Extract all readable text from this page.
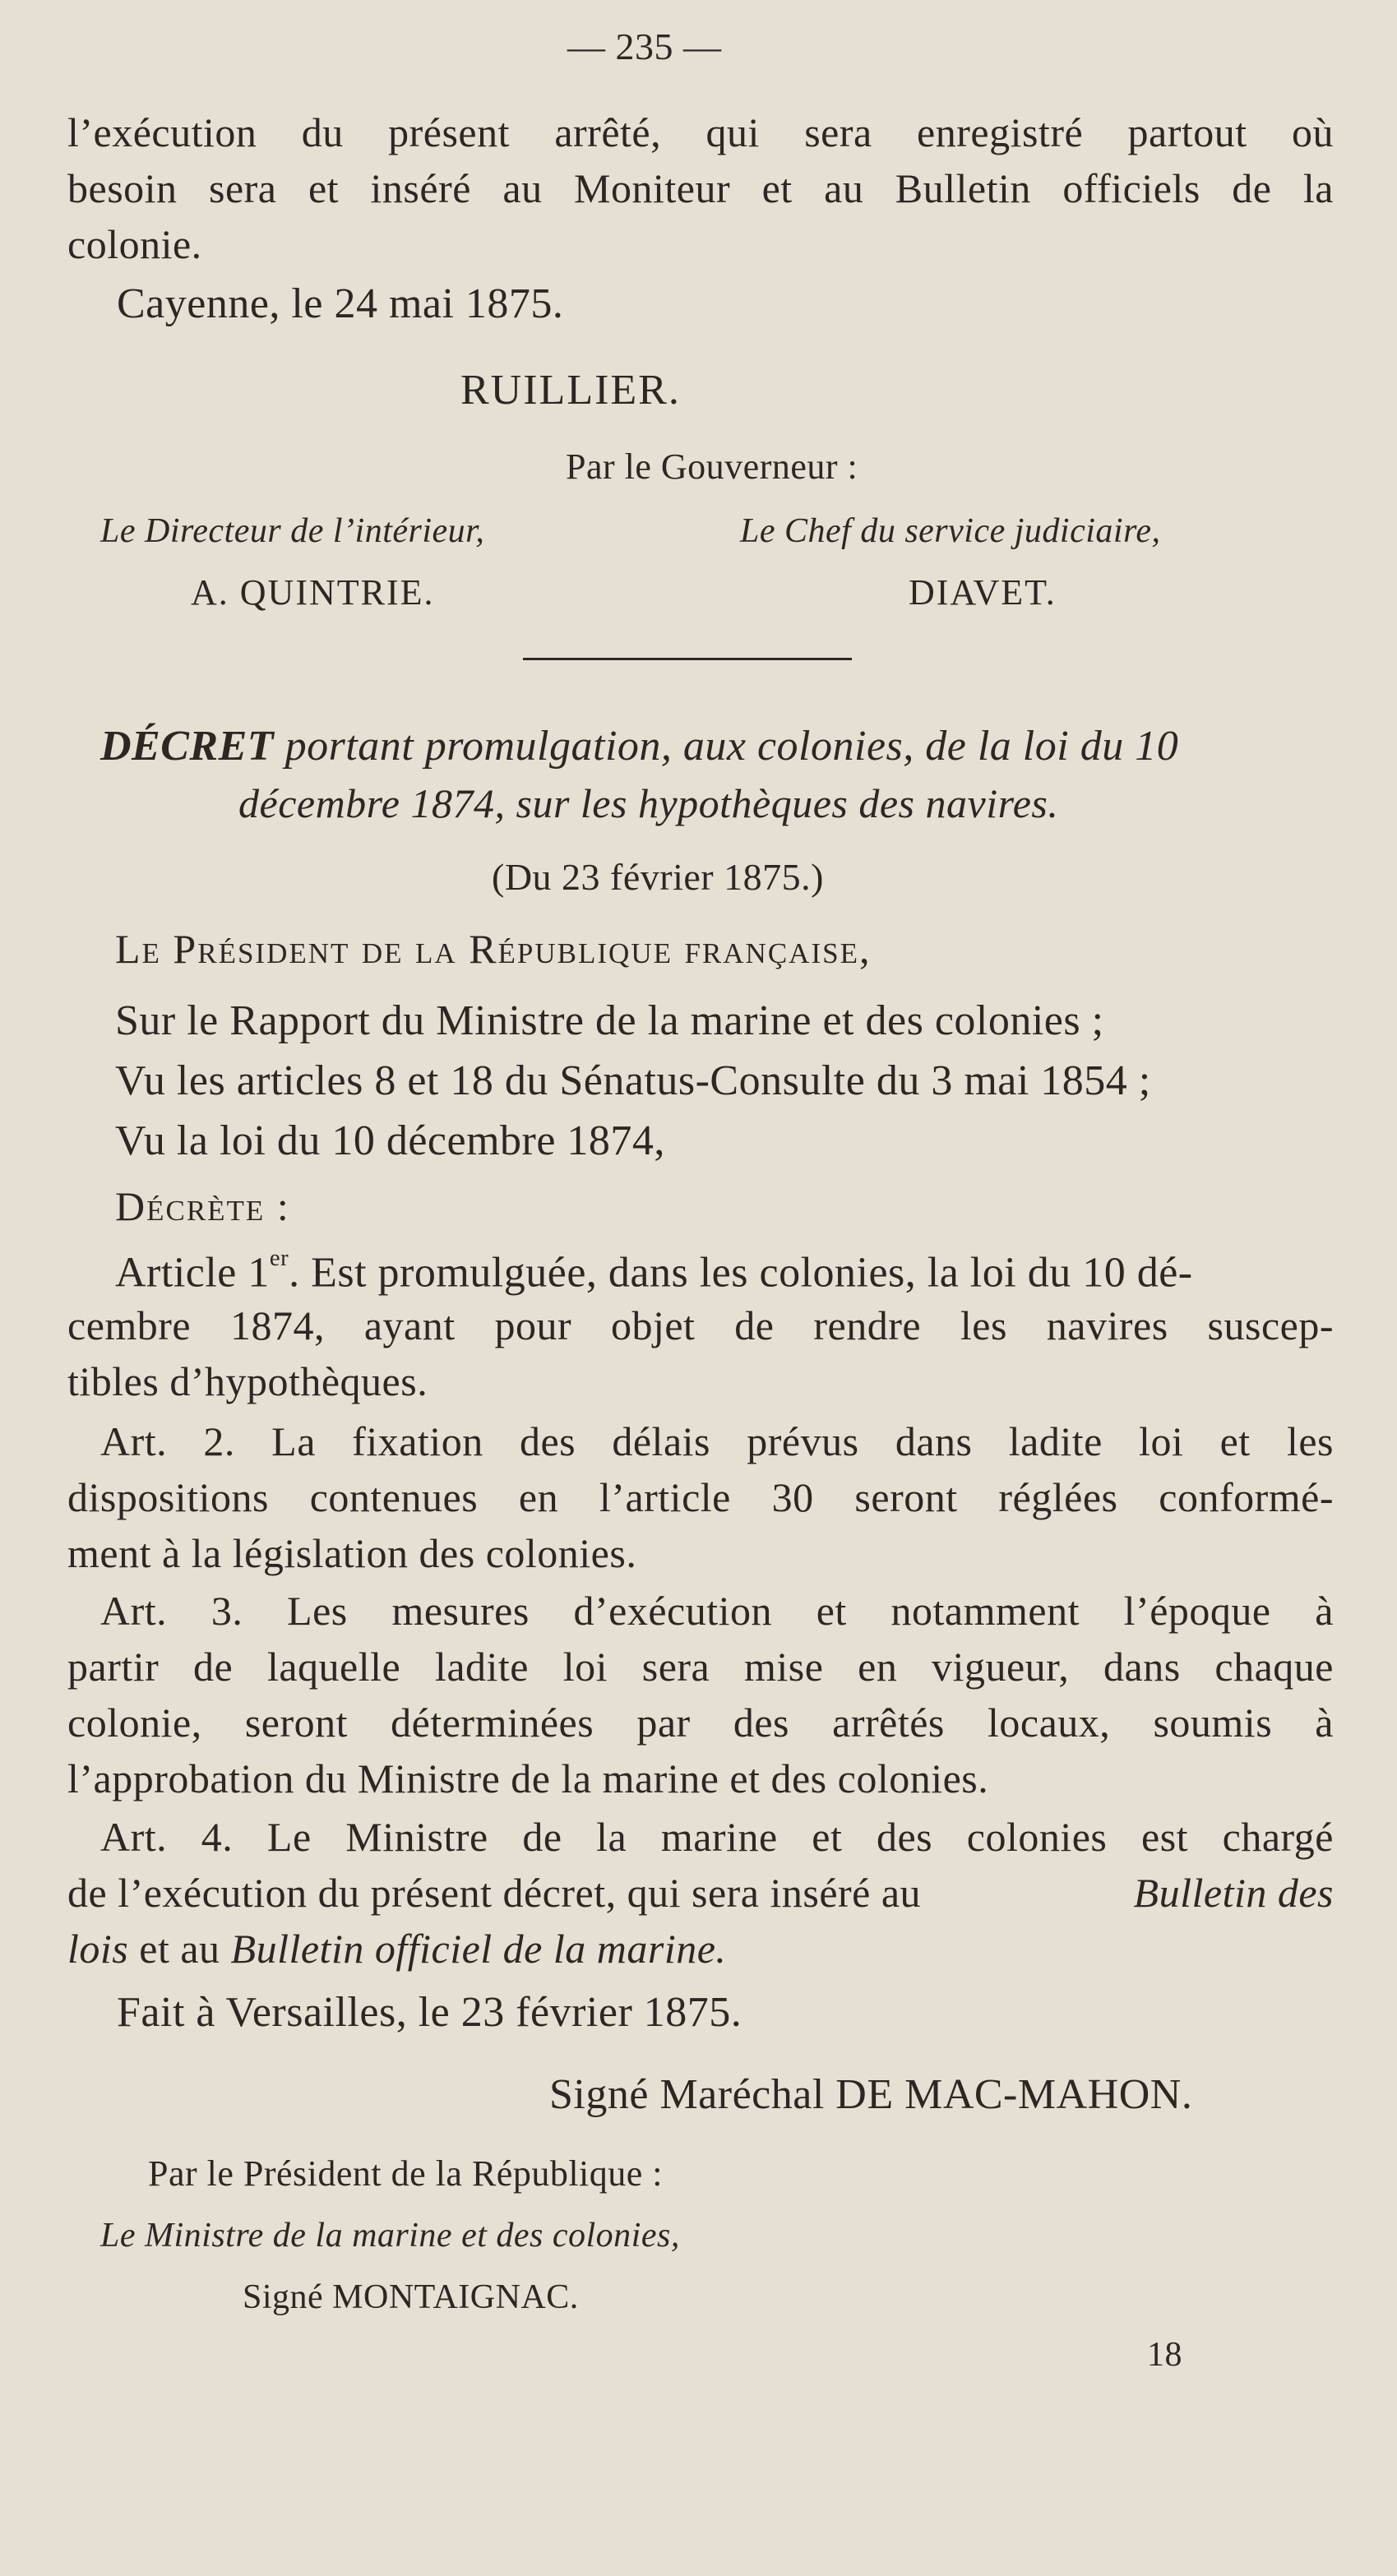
— 235 —
l’exécution du présent arrêté, qui sera enregistré partout où
besoin sera et inséré au Moniteur et au Bulletin officiels de la
colonie.
Cayenne, le 24 mai 1875.
RUILLIER.
Par le Gouverneur :
Le Directeur de l’intérieur,	Le Chef du service judiciaire,
A. QUINTRIE.	DIAVET.
DÉCRET portant promulgation, aux colonies, de la loi du 10
décembre 1874, sur les hypothèques des navires.
(Du 23 février 1875.)
Le Président de la République française,
Sur le Rapport du Ministre de la marine et des colonies ;
Vu les articles 8 et 18 du Sénatus-Consulte du 3 mai 1854 ;
Vu la loi du 10 décembre 1874,
Décrète :
Article 1er. Est promulguée, dans les colonies, la loi du 10 dé-
cembre 1874, ayant pour objet de rendre les navires suscep-
tibles d’hypothèques.
Art. 2. La fixation des délais prévus dans ladite loi et les
dispositions contenues en l’article 30 seront réglées conformé-
ment à la législation des colonies.
Art. 3. Les mesures d’exécution et notamment l’époque à
partir de laquelle ladite loi sera mise en vigueur, dans chaque
colonie, seront déterminées par des arrêtés locaux, soumis à
l’approbation du Ministre de la marine et des colonies.
Art. 4. Le Ministre de la marine et des colonies est chargé
de l’exécution du présent décret, qui sera inséré au	Bulletin des
lois et au Bulletin officiel de la marine.
Fait à Versailles, le 23 février 1875.
Signé Maréchal DE MAC-MAHON.
Par le Président de la République :
Le Ministre de la marine et des colonies,
Signé MONTAIGNAC.
18
